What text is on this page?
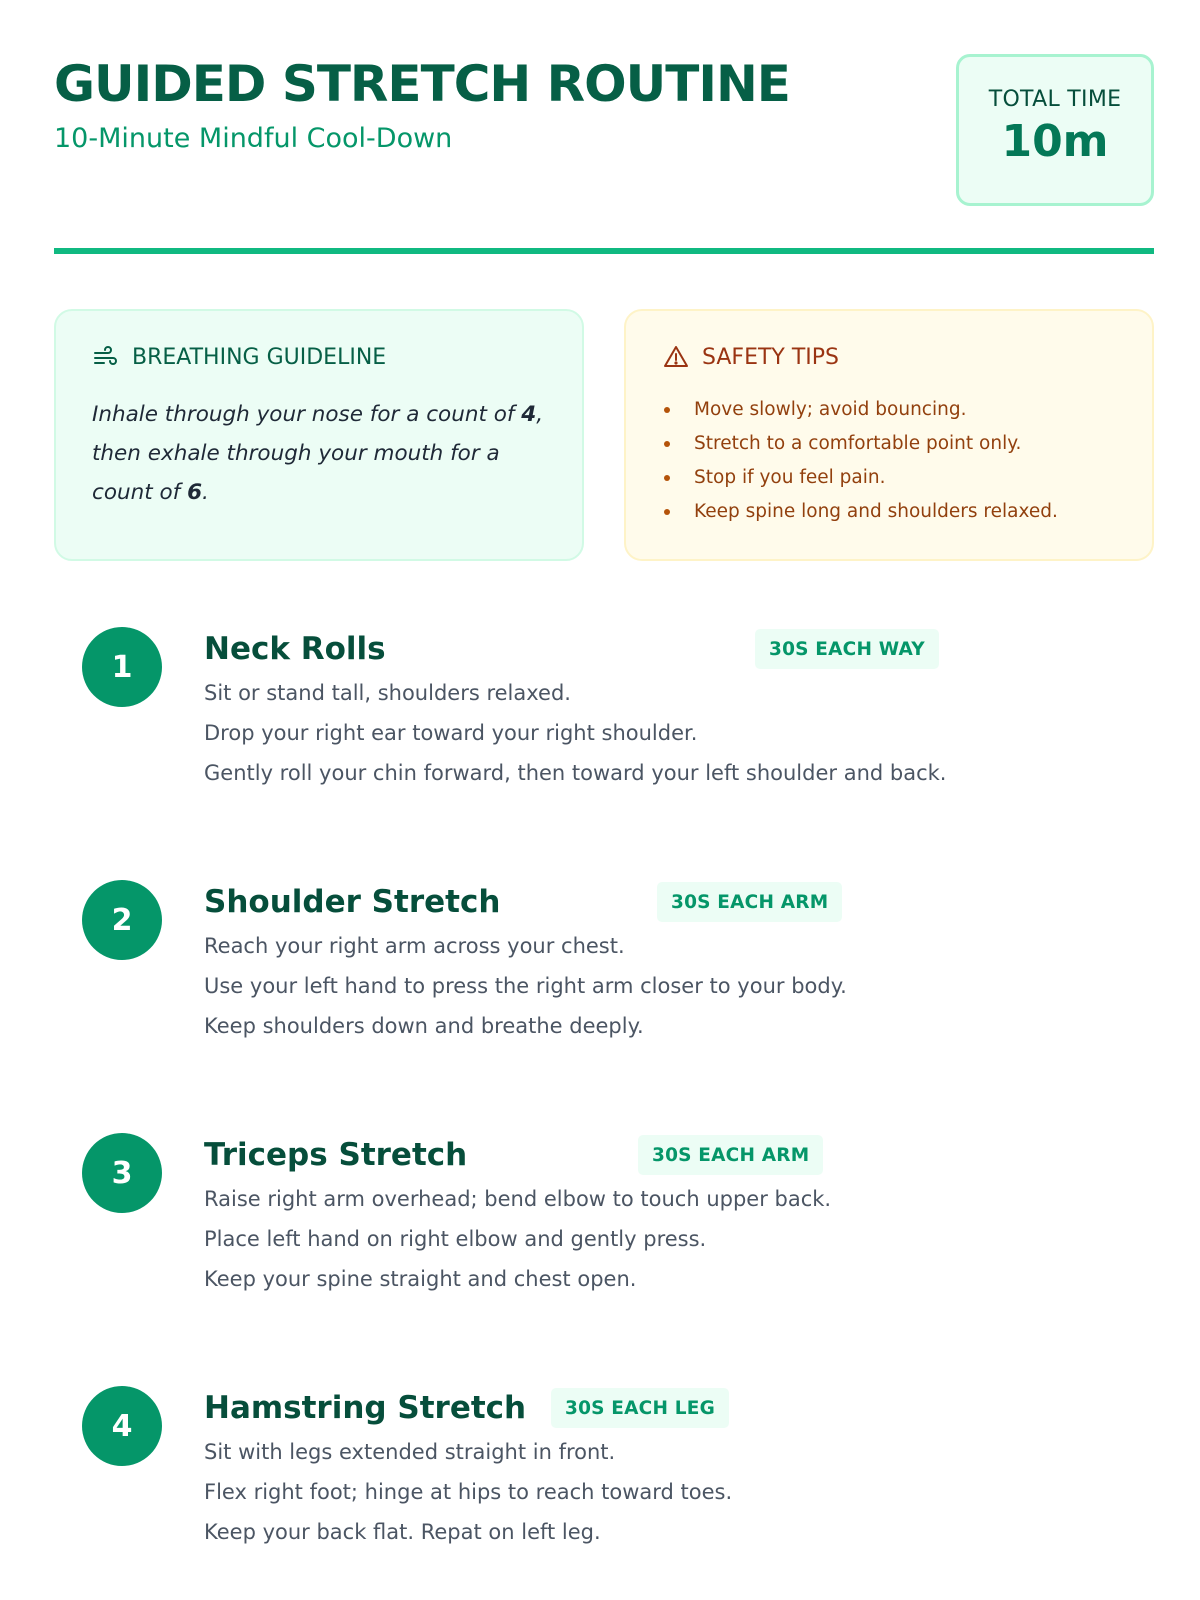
GUIDED STRETCH ROUTINE
10-Minute Mindful Cool-Down
TOTAL TIME
10m
BREATHING GUIDELINE
Inhale through your nose for a count of 4, then exhale through your mouth for a count of 6.
SAFETY TIPS
Move slowly; avoid bouncing.
Stretch to a comfortable point only.
Stop if you feel pain.
Keep spine long and shoulders relaxed.
1	Neck Rolls	30S EACH WAY
Sit or stand tall, shoulders relaxed.
Drop your right ear toward your right shoulder.
Gently roll your chin forward, then toward your left shoulder and back.
2	Shoulder Stretch	30S EACH ARM
Reach your right arm across your chest.
Use your left hand to press the right arm closer to your body.
Keep shoulders down and breathe deeply.
3	Triceps Stretch	30S EACH ARM
Raise right arm overhead; bend elbow to touch upper back.
Place left hand on right elbow and gently press.
Keep your spine straight and chest open.
4	Hamstring Stretch	30S EACH LEG
Sit with legs extended straight in front.
Flex right foot; hinge at hips to reach toward toes.
Keep your back flat. Repat on left leg.
